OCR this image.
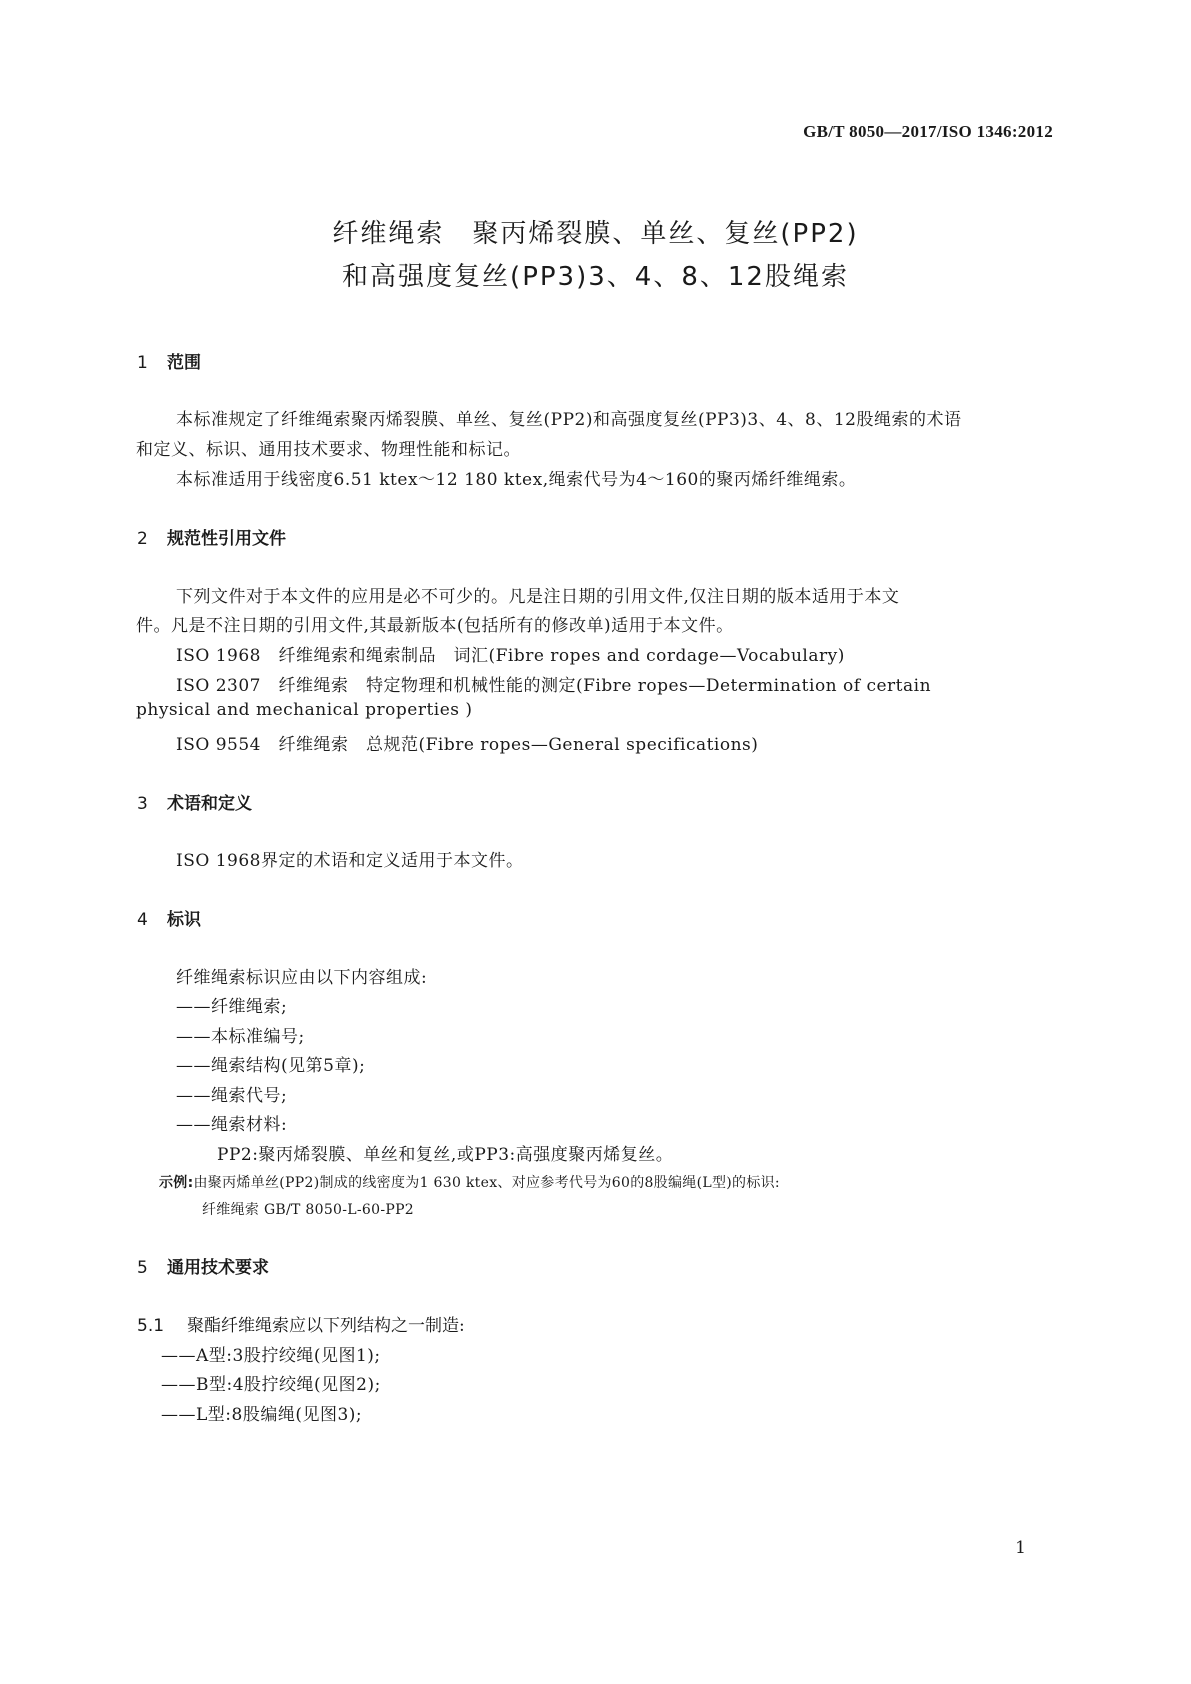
GB/T 8050—2017/ISO 1346:2012
纤维绳索　聚丙烯裂膜、单丝、复丝(PP2)
和高强度复丝(PP3)3、4、8、12股绳索
1 范围
本标准规定了纤维绳索聚丙烯裂膜、单丝、复丝(PP2)和高强度复丝(PP3)3、4、8、12股绳索的术语
和定义、标识、通用技术要求、物理性能和标记。
本标准适用于线密度6.51 ktex～12 180 ktex,绳索代号为4～160的聚丙烯纤维绳索。
2 规范性引用文件
下列文件对于本文件的应用是必不可少的。凡是注日期的引用文件,仅注日期的版本适用于本文
件。凡是不注日期的引用文件,其最新版本(包括所有的修改单)适用于本文件。
ISO 1968　纤维绳索和绳索制品　词汇(Fibre ropes and cordage—Vocabulary)
ISO 2307　纤维绳索　特定物理和机械性能的测定(Fibre ropes—Determination of certain
physical and mechanical properties )
ISO 9554　纤维绳索　总规范(Fibre ropes—General specifications)
3 术语和定义
ISO 1968界定的术语和定义适用于本文件。
4 标识
纤维绳索标识应由以下内容组成:
——纤维绳索;
——本标准编号;
——绳索结构(见第5章);
——绳索代号;
——绳索材料:
PP2:聚丙烯裂膜、单丝和复丝,或PP3:高强度聚丙烯复丝。
示例:由聚丙烯单丝(PP2)制成的线密度为1 630 ktex、对应参考代号为60的8股编绳(L型)的标识:
纤维绳索 GB/T 8050-L-60-PP2
5 通用技术要求
5.1 聚酯纤维绳索应以下列结构之一制造:
——A型:3股拧绞绳(见图1);
——B型:4股拧绞绳(见图2);
——L型:8股编绳(见图3);
1
